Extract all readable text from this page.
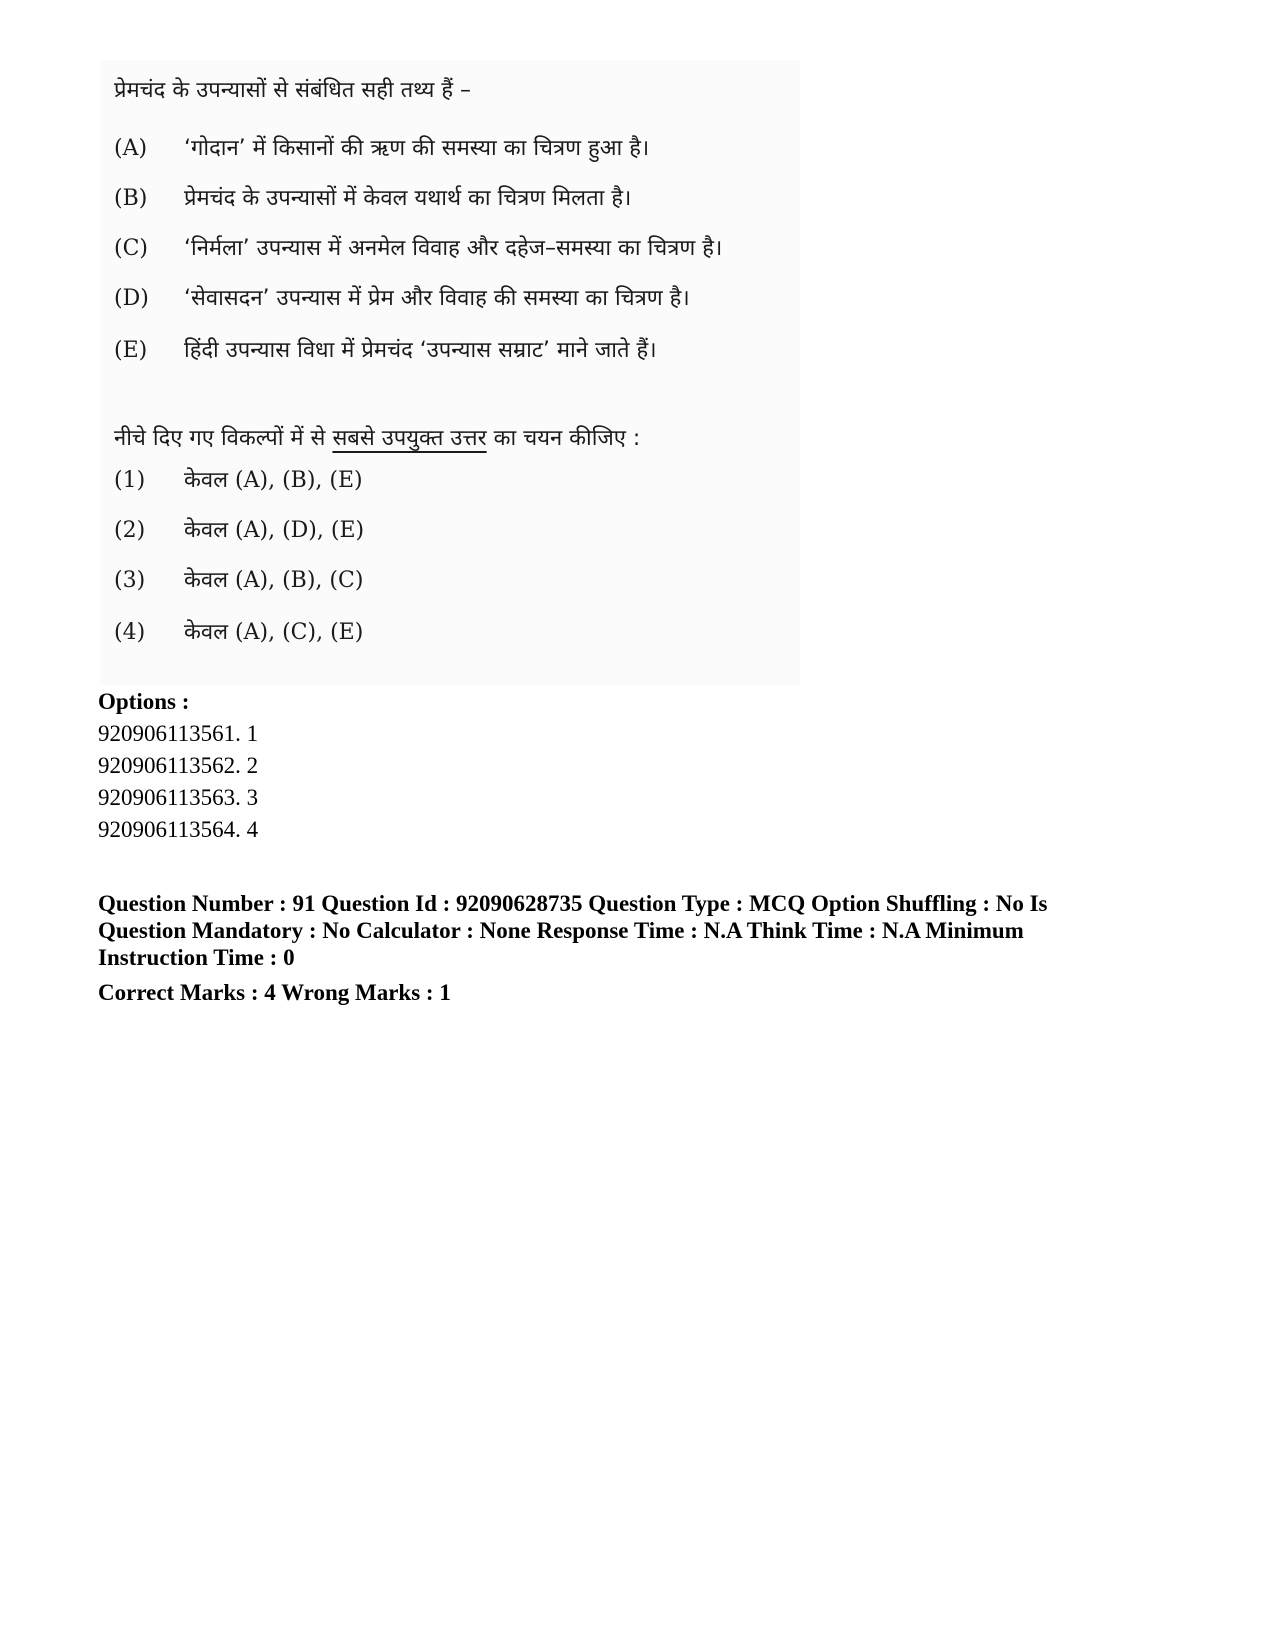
प्रेमचंद के उपन्यासों से संबंधित सही तथ्य हैं –
(A) ‘गोदान’ में किसानों की ऋण की समस्या का चित्रण हुआ है।
(B) प्रेमचंद के उपन्यासों में केवल यथार्थ का चित्रण मिलता है।
(C) ‘निर्मला’ उपन्यास में अनमेल विवाह और दहेज–समस्या का चित्रण है।
(D) ‘सेवासदन’ उपन्यास में प्रेम और विवाह की समस्या का चित्रण है।
(E) हिंदी उपन्यास विधा में प्रेमचंद ‘उपन्यास सम्राट’ माने जाते हैं।
नीचे दिए गए विकल्पों में से सबसे उपयुक्त उत्तर का चयन कीजिए :
(1) केवल (A), (B), (E)
(2) केवल (A), (D), (E)
(3) केवल (A), (B), (C)
(4) केवल (A), (C), (E)
Options :
920906113561. 1
920906113562. 2
920906113563. 3
920906113564. 4
Question Number : 91 Question Id : 92090628735 Question Type : MCQ Option Shuffling : No Is Question Mandatory : No Calculator : None Response Time : N.A Think Time : N.A Minimum Instruction Time : 0
Correct Marks : 4 Wrong Marks : 1
